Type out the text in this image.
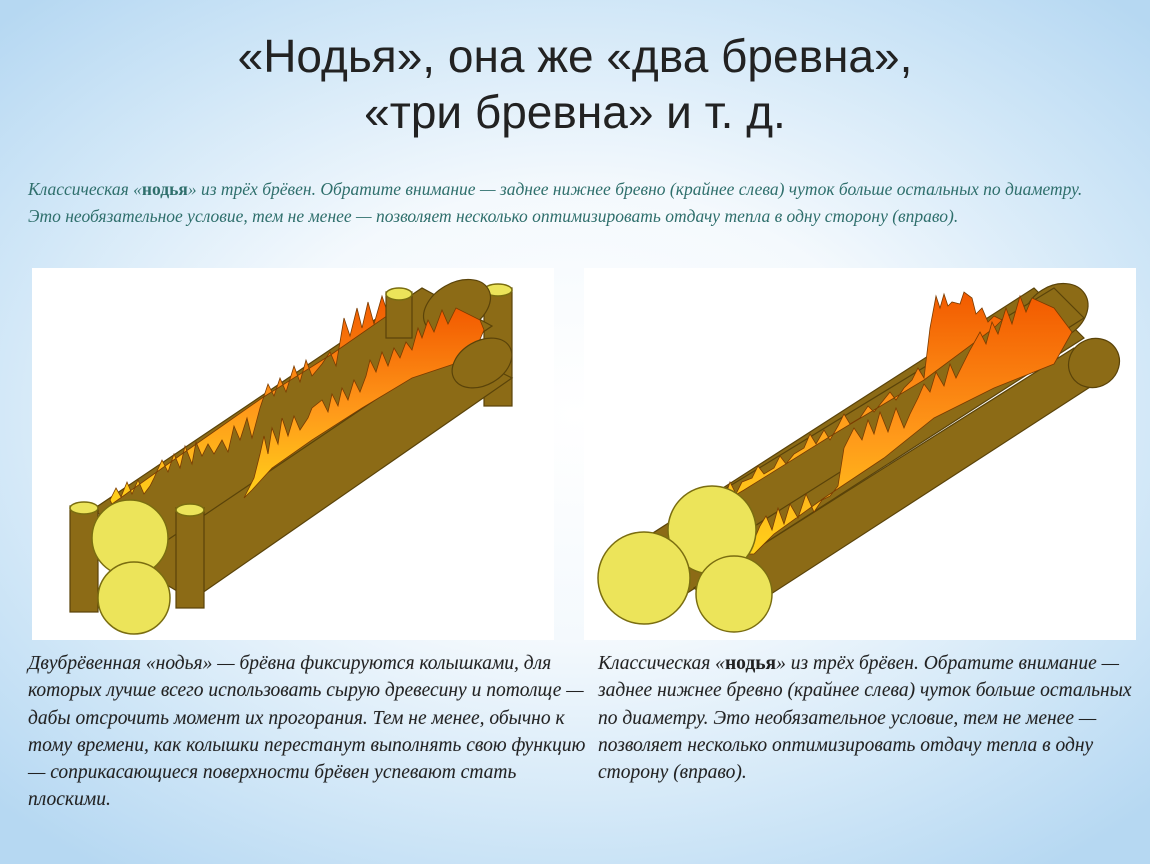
«Нодья», она же «два бревна»,
«три бревна» и т. д.
Классическая «нодья» из трёх брёвен. Обратите внимание — заднее нижнее бревно (крайнее слева) чуток больше остальных по диаметру. Это необязательное условие, тем не менее — позволяет несколько оптимизировать отдачу тепла в одну сторону (вправо).
Двубрёвенная «нодья» — брёвна фиксируются колышками, для которых лучше всего использовать сырую древесину и потолще — дабы отсрочить момент их прогорания. Тем не менее, обычно к тому времени, как колышки перестанут выполнять свою функцию — соприкасающиеся поверхности брёвен успевают стать плоскими.
Классическая «нодья» из трёх брёвен. Обратите внимание — заднее нижнее бревно (крайнее слева) чуток больше остальных по диаметру. Это необязательное условие, тем не менее — позволяет несколько оптимизировать отдачу тепла в одну сторону (вправо).
